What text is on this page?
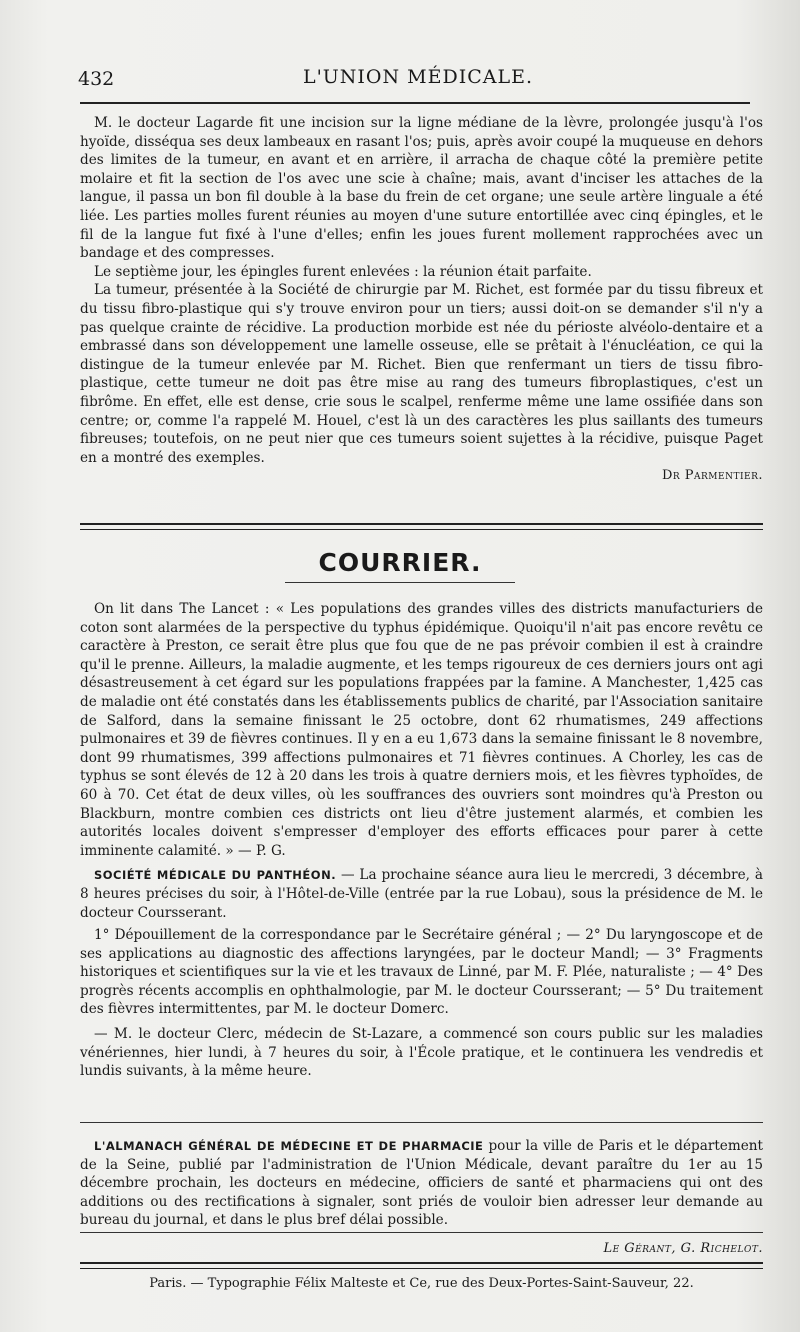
432	L'UNION MÉDICALE.

M. le docteur Lagarde fit une incision sur la ligne médiane de la lèvre, prolongée jusqu'à l'os hyoïde, disséqua ses deux lambeaux en rasant l'os; puis, après avoir coupé la muqueuse en dehors des limites de la tumeur, en avant et en arrière, il arracha de chaque côté la première petite molaire et fit la section de l'os avec une scie à chaîne; mais, avant d'inciser les attaches de la langue, il passa un bon fil double à la base du frein de cet organe; une seule artère linguale a été liée. Les parties molles furent réunies au moyen d'une suture entortillée avec cinq épingles, et le fil de la langue fut fixé à l'une d'elles; enfin les joues furent mollement rapprochées avec un bandage et des compresses.

Le septième jour, les épingles furent enlevées : la réunion était parfaite.

La tumeur, présentée à la Société de chirurgie par M. Richet, est formée par du tissu fibreux et du tissu fibro-plastique qui s'y trouve environ pour un tiers; aussi doit-on se demander s'il n'y a pas quelque crainte de récidive. La production morbide est née du périoste alvéolo-dentaire et a embrassé dans son développement une lamelle osseuse, elle se prêtait à l'énucléation, ce qui la distingue de la tumeur enlevée par M. Richet. Bien que renfermant un tiers de tissu fibro-plastique, cette tumeur ne doit pas être mise au rang des tumeurs fibroplastiques, c'est un fibrôme. En effet, elle est dense, crie sous le scalpel, renferme même une lame ossifiée dans son centre; or, comme l'a rappelé M. Houel, c'est là un des caractères les plus saillants des tumeurs fibreuses; toutefois, on ne peut nier que ces tumeurs soient sujettes à la récidive, puisque Paget en a montré des exemples.

Dr Parmentier.

COURRIER.

On lit dans The Lancet : « Les populations des grandes villes des districts manufacturiers de coton sont alarmées de la perspective du typhus épidémique. Quoiqu'il n'ait pas encore revêtu ce caractère à Preston, ce serait être plus que fou que de ne pas prévoir combien il est à craindre qu'il le prenne. Ailleurs, la maladie augmente, et les temps rigoureux de ces derniers jours ont agi désastreusement à cet égard sur les populations frappées par la famine. A Manchester, 1,425 cas de maladie ont été constatés dans les établissements publics de charité, par l'Association sanitaire de Salford, dans la semaine finissant le 25 octobre, dont 62 rhumatismes, 249 affections pulmonaires et 39 de fièvres continues. Il y en a eu 1,673 dans la semaine finissant le 8 novembre, dont 99 rhumatismes, 399 affections pulmonaires et 71 fièvres continues. A Chorley, les cas de typhus se sont élevés de 12 à 20 dans les trois à quatre derniers mois, et les fièvres typhoïdes, de 60 à 70. Cet état de deux villes, où les souffrances des ouvriers sont moindres qu'à Preston ou Blackburn, montre combien ces districts ont lieu d'être justement alarmés, et combien les autorités locales doivent s'empresser d'employer des efforts efficaces pour parer à cette imminente calamité. » — P. G.

SOCIÉTÉ MÉDICALE DU PANTHÉON. — La prochaine séance aura lieu le mercredi, 3 décembre, à 8 heures précises du soir, à l'Hôtel-de-Ville (entrée par la rue Lobau), sous la présidence de M. le docteur Coursserant.

1° Dépouillement de la correspondance par le Secrétaire général ; — 2° Du laryngoscope et de ses applications au diagnostic des affections laryngées, par le docteur Mandl; — 3° Fragments historiques et scientifiques sur la vie et les travaux de Linné, par M. F. Plée, naturaliste ; — 4° Des progrès récents accomplis en ophthalmologie, par M. le docteur Coursserant; — 5° Du traitement des fièvres intermittentes, par M. le docteur Domerc.

— M. le docteur Clerc, médecin de St-Lazare, a commencé son cours public sur les maladies vénériennes, hier lundi, à 7 heures du soir, à l'École pratique, et le continuera les vendredis et lundis suivants, à la même heure.

L'ALMANACH GÉNÉRAL DE MÉDECINE ET DE PHARMACIE pour la ville de Paris et le département de la Seine, publié par l'administration de l'Union Médicale, devant paraître du 1er au 15 décembre prochain, les docteurs en médecine, officiers de santé et pharmaciens qui ont des additions ou des rectifications à signaler, sont priés de vouloir bien adresser leur demande au bureau du journal, et dans le plus bref délai possible.

Le Gérant, G. Richelot.

Paris. — Typographie Félix Malteste et Ce, rue des Deux-Portes-Saint-Sauveur, 22.
